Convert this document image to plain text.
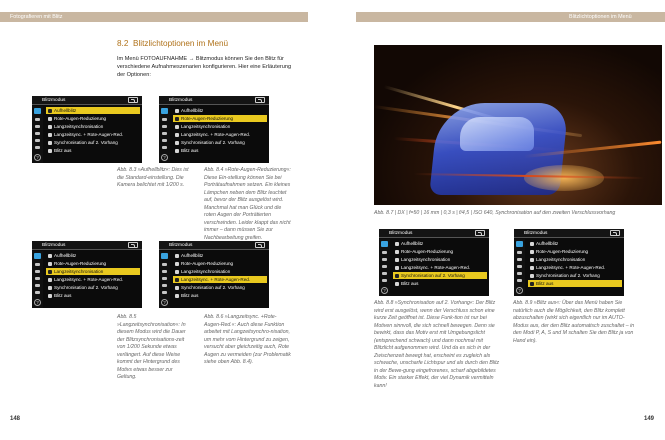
Fotografieren mit Blitz	Blitzlichtoptionen im Menü
8.2 Blitzlichtoptionen im Menü

Im Menü FOTOAUFNAHME → Blitzmodus können Sie den Blitz für verschiedene Aufnahmeszenarien konfigurieren. Hier eine Erläuterung der Optionen:

Blitzmodus
?
Aufhellblitz
Rote-Augen-Reduzierung
Langzeitsynchronisation
Langzeitsync. + Rote-Augen-Red.
Synchronisation auf 2. Vorhang
Blitz aus
Blitzmodus
?
Aufhellblitz
Rote-Augen-Reduzierung
Langzeitsynchronisation
Langzeitsync. + Rote-Augen-Red.
Synchronisation auf 2. Vorhang
Blitz aus
Blitzmodus
?
Aufhellblitz
Rote-Augen-Reduzierung
Langzeitsynchronisation
Langzeitsync. + Rote-Augen-Red.
Synchronisation auf 2. Vorhang
Blitz aus
Blitzmodus
?
Aufhellblitz
Rote-Augen-Reduzierung
Langzeitsynchronisation
Langzeitsync. + Rote-Augen-Red.
Synchronisation auf 2. Vorhang
Blitz aus
Blitzmodus
?
Aufhellblitz
Rote-Augen-Reduzierung
Langzeitsynchronisation
Langzeitsync. + Rote-Augen-Red.
Synchronisation auf 2. Vorhang
Blitz aus
Blitzmodus
?
Aufhellblitz
Rote-Augen-Reduzierung
Langzeitsynchronisation
Langzeitsync. + Rote-Augen-Red.
Synchronisation auf 2. Vorhang
Blitz aus

Abb. 8.3 »Aufhellblitz«: Dies ist die Standard-einstellung. Die Kamera belichtet mit 1/200 s.

Abb. 8.4 »Rote-Augen-Reduzierung«: Diese Ein-stellung können Sie bei Porträtaufnahmen setzen. Ein kleines Lämpchen neben dem Blitz leuchtet auf, bevor der Blitz ausgelöst wird. Manchmal hat man Glück und die roten Augen der Porträtierten verschwinden. Leider klappt das nicht immer – dann müssen Sie zur Nachbearbeitung greifen.

Abb. 8.5 »Langzeitsynchronisation«: In diesem Modus wird die Dauer der Blitzsynchronisations-zeit von 1/200 Sekunde etwas verlängert. Auf diese Weise kommt der Hintergrund des Motivs etwas besser zur Geltung.

Abb. 8.6 »Langzeitsync. +Rote-Augen-Red.«: Auch diese Funktion arbeitet mit Langzeitsynchro-nisation, um mehr vom Hintergrund zu zeigen, versucht aber gleichzeitig auch, Rote Augen zu vermeiden (zur Problematik siehe oben Abb. 8.4).

Abb. 8.8 »Synchronisation auf 2. Vorhang«: Der Blitz wird erst ausgelöst, wenn der Verschluss schon eine kurze Zeit geöffnet ist. Diese Funk-tion ist nur bei Motiven sinnvoll, die sich schnell bewegen. Denn sie bewirkt, dass das Motiv erst mit Umgebungslicht (entsprechend schwach) und dann nochmal mit Blitzlicht aufgenommen wird. Und da es sich in der Zwischenzeit bewegt hat, erscheint es zugleich als schwache, unscharfe Lichtspur und als durch den Blitz in der Bewe-gung eingefrorenes, scharf abgebildetes Motiv. Ein starker Effekt, der viel Dynamik vermitteln kann!

Abb. 8.9 »Blitz aus«: Über das Menü haben Sie natürlich auch die Möglichkeit, den Blitz komplett abzuschalten (wirkt sich eigentlich nur im AUTO-Modus aus, der den Blitz automatisch zuschaltet – in den Modi P, A, S und M schalten Sie den Blitz ja von Hand ein).

Abb. 8.7 | DX | f=50 | 16 mm | 0,3 s | f/4,5 | ISO 640, Synchronisation auf den zweiten Verschlussvorhang

148	149
